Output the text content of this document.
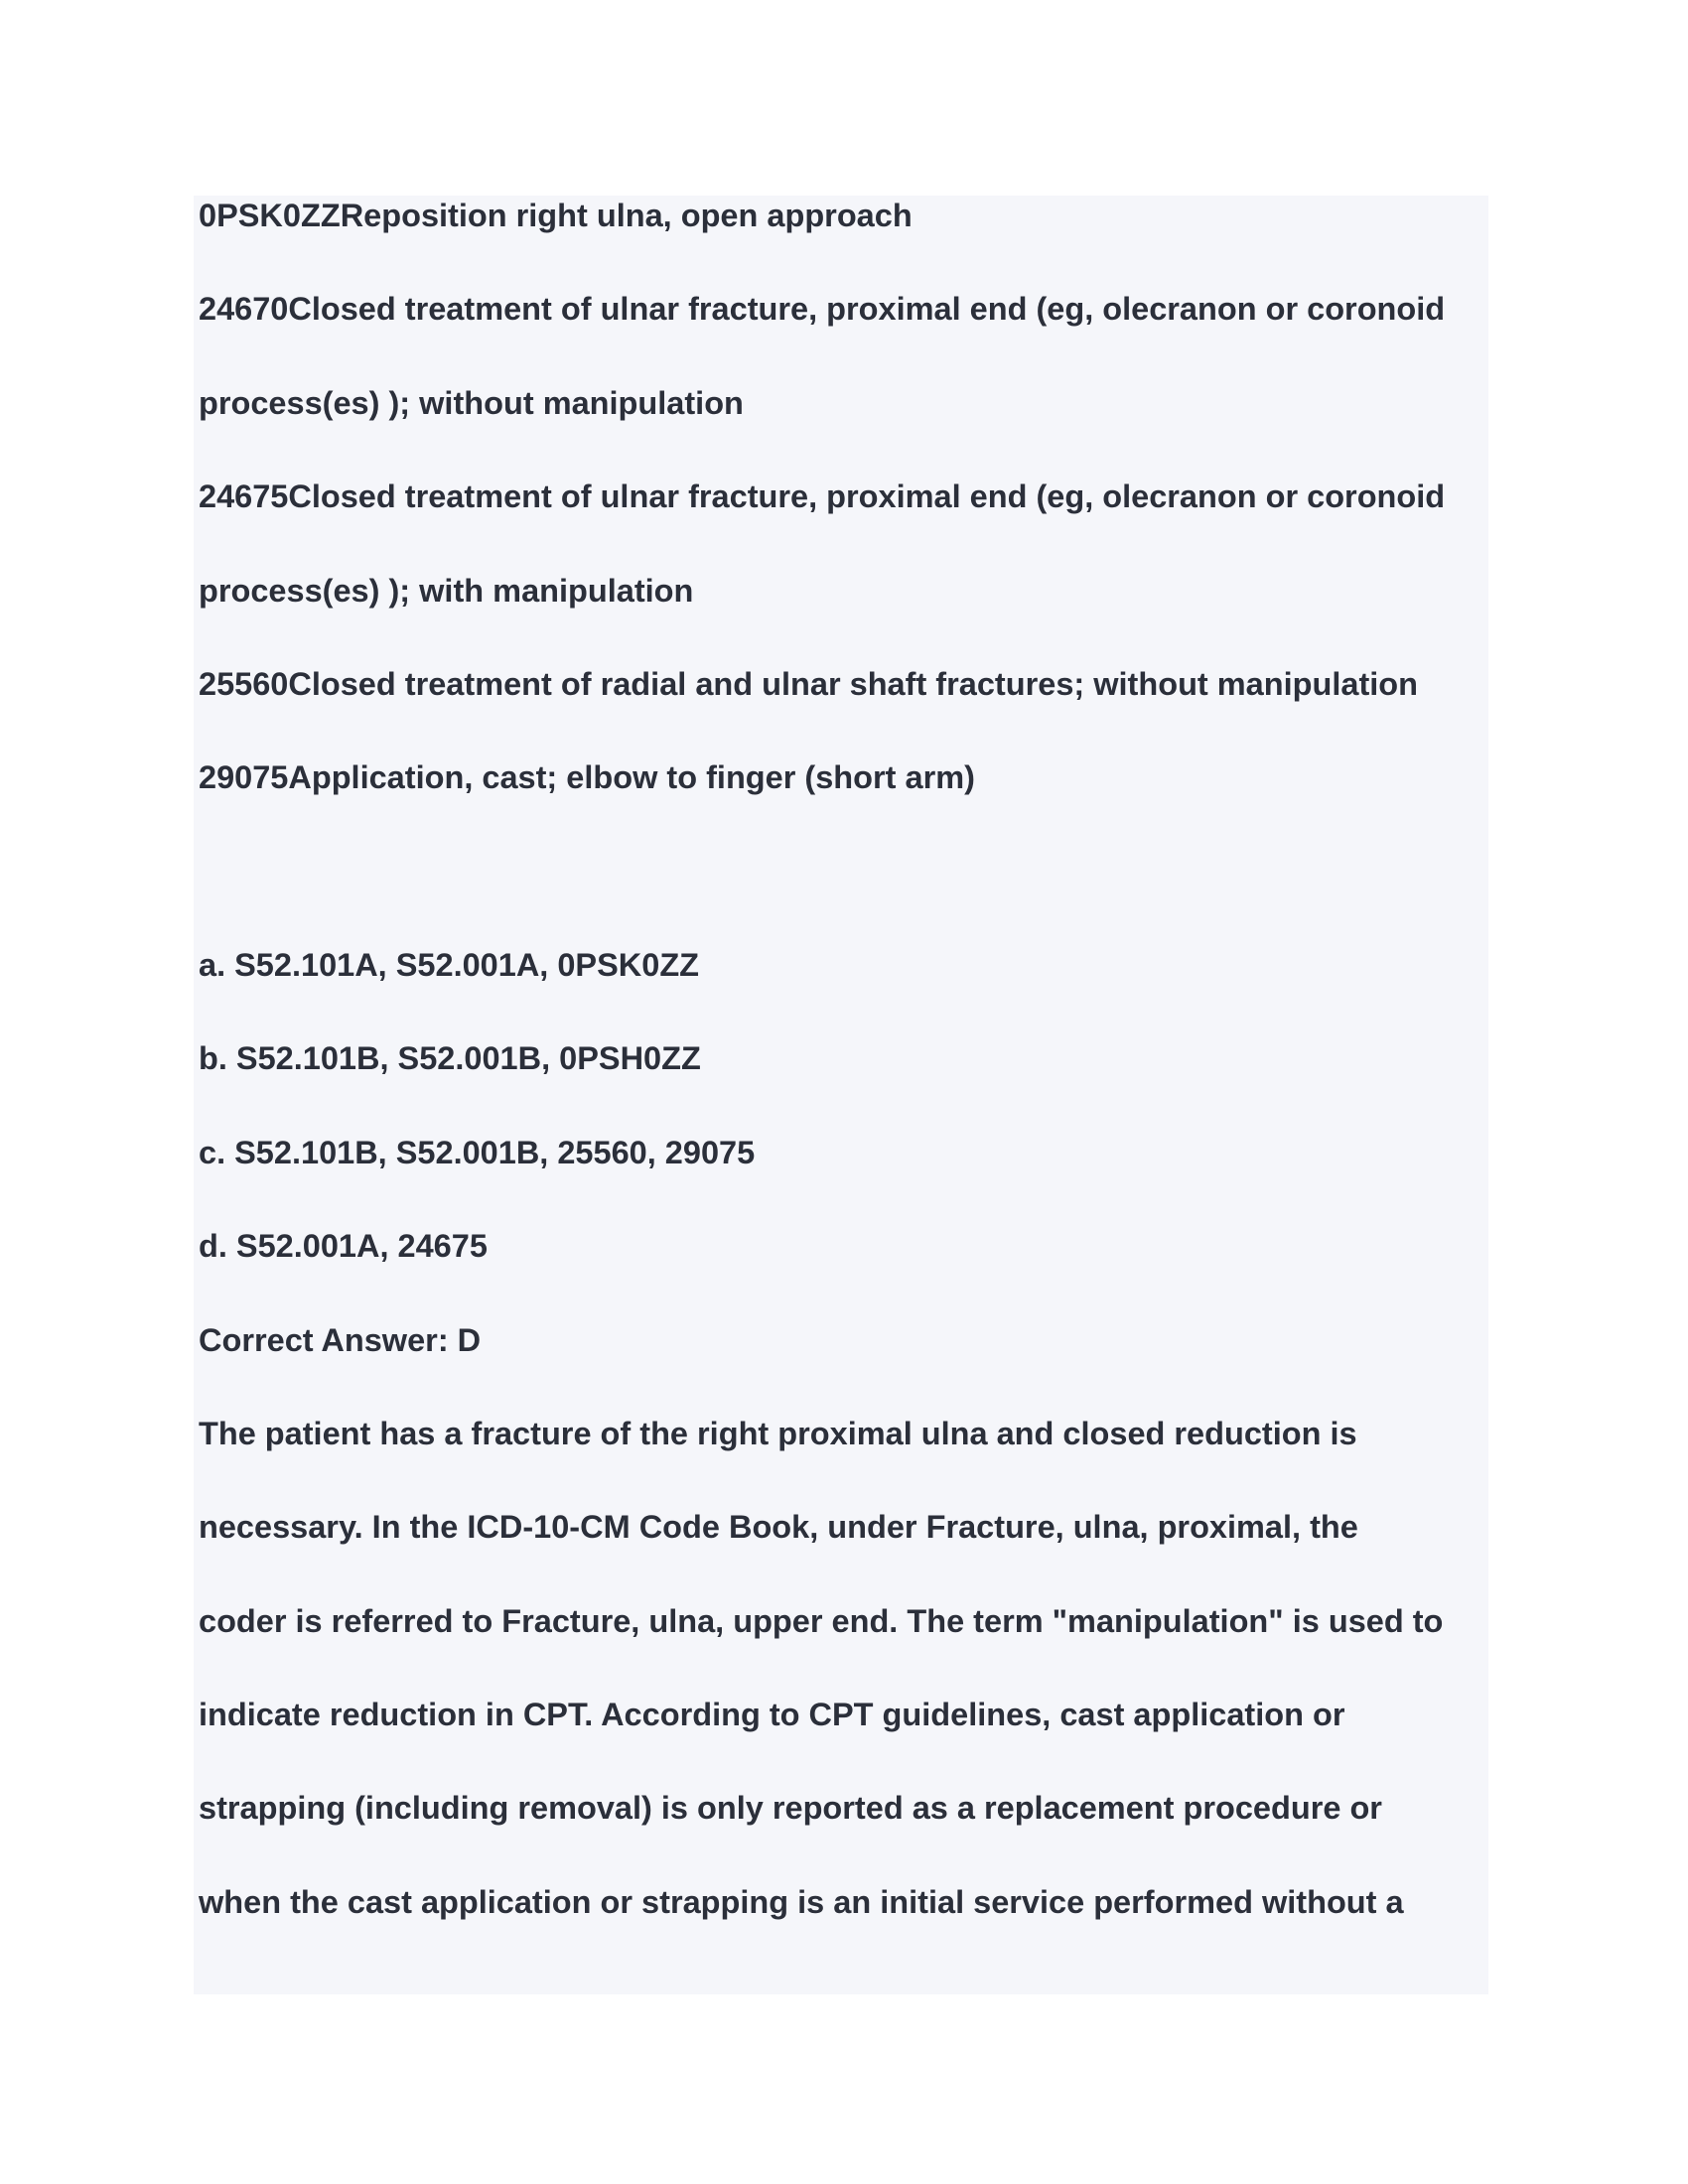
0PSK0ZZReposition right ulna, open approach

24670Closed treatment of ulnar fracture, proximal end (eg, olecranon or coronoid

process(es) ); without manipulation

24675Closed treatment of ulnar fracture, proximal end (eg, olecranon or coronoid

process(es) ); with manipulation

25560Closed treatment of radial and ulnar shaft fractures; without manipulation

29075Application, cast; elbow to finger (short arm)

a. S52.101A, S52.001A, 0PSK0ZZ

b. S52.101B, S52.001B, 0PSH0ZZ

c. S52.101B, S52.001B, 25560, 29075

d. S52.001A, 24675

Correct Answer: D

The patient has a fracture of the right proximal ulna and closed reduction is

necessary. In the ICD-10-CM Code Book, under Fracture, ulna, proximal, the

coder is referred to Fracture, ulna, upper end. The term "manipulation" is used to

indicate reduction in CPT. According to CPT guidelines, cast application or

strapping (including removal) is only reported as a replacement procedure or

when the cast application or strapping is an initial service performed without a
